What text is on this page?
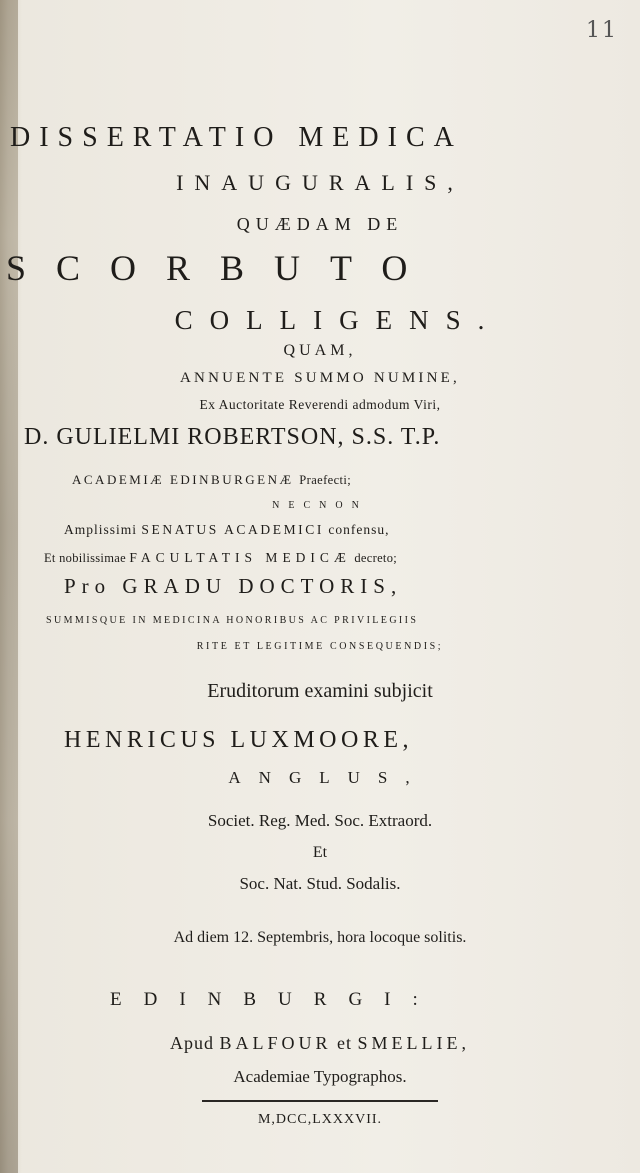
11
DISSERTATIO MEDICA
INAUGURALIS,
QUÆDAM DE
SCORBUTO
COLLIGENS.
QUAM,
ANNUENTE SUMMO NUMINE,
Ex Auctoritate Reverendi admodum Viri,
D. GULIELMI ROBERTSON, S.S. T.P.
ACADEMIÆ EDINBURGENÆ Praefecti;
NECNON
Amplissimi SENATUS ACADEMICI confensu,
Et nobilissimae FACULTATIS MEDICÆ decreto;
Pro GRADU DOCTORIS,
SUMMISQUE IN MEDICINA HONORIBUS AC PRIVILEGIIS
RITE ET LEGITIME CONSEQUENDIS;
Eruditorum examini subjicit
HENRICUS LUXMOORE,
ANGLUS,
Societ. Reg. Med. Soc. Extraord.
Et
Soc. Nat. Stud. Sodalis.
Ad diem 12. Septembris, hora locoque solitis.
EDINBURGI:
Apud BALFOUR et SMELLIE,
Academiae Typographos.
M,DCC,LXXXVII.
